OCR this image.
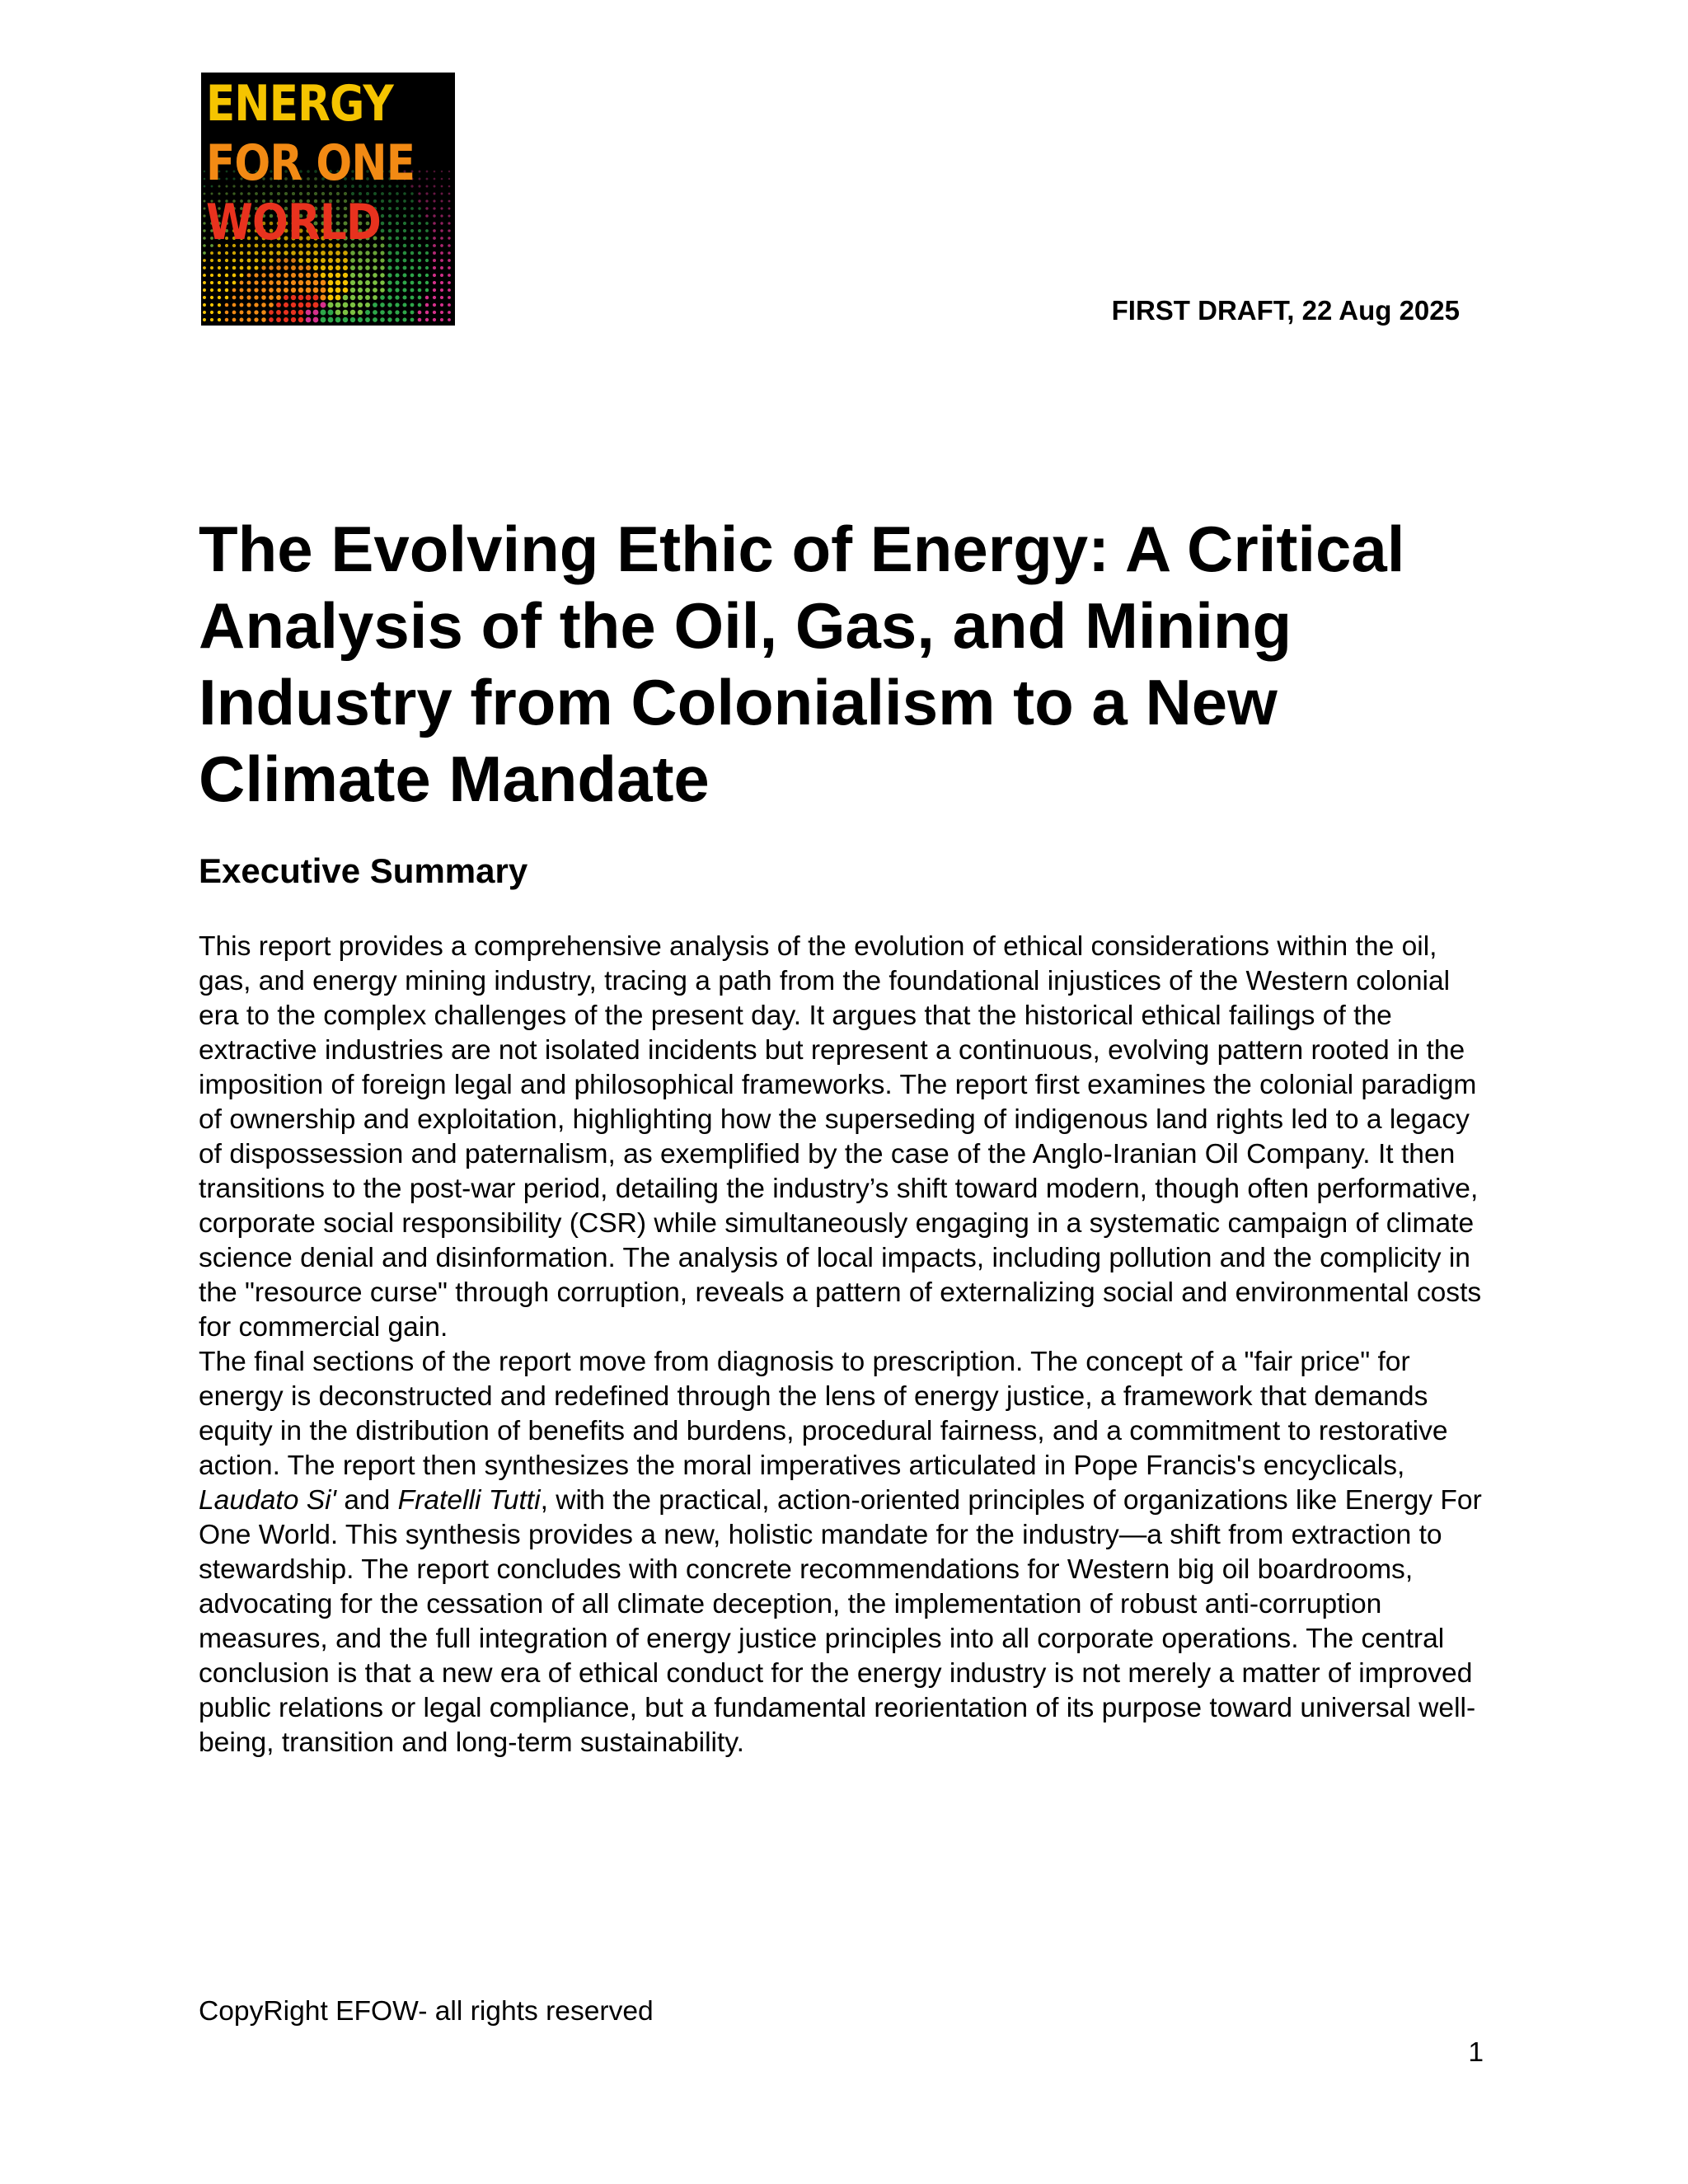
ENERGY
FOR ONE
WORLD
FIRST DRAFT, 22 Aug 2025
The Evolving Ethic of Energy: A Critical Analysis of the Oil, Gas, and Mining Industry from Colonialism to a New Climate Mandate
Executive Summary

This report provides a comprehensive analysis of the evolution of ethical considerations within the oil, gas, and energy mining industry, tracing a path from the foundational injustices of the Western colonial era to the complex challenges of the present day. It argues that the historical ethical failings of the extractive industries are not isolated incidents but represent a continuous, evolving pattern rooted in the imposition of foreign legal and philosophical frameworks. The report first examines the colonial paradigm of ownership and exploitation, highlighting how the superseding of indigenous land rights led to a legacy of dispossession and paternalism, as exemplified by the case of the Anglo-Iranian Oil Company. It then transitions to the post-war period, detailing the industry’s shift toward modern, though often performative, corporate social responsibility (CSR) while simultaneously engaging in a systematic campaign of climate science denial and disinformation. The analysis of local impacts, including pollution and the complicity in the "resource curse" through corruption, reveals a pattern of externalizing social and environmental costs for commercial gain.

The final sections of the report move from diagnosis to prescription. The concept of a "fair price" for energy is deconstructed and redefined through the lens of energy justice, a framework that demands equity in the distribution of benefits and burdens, procedural fairness, and a commitment to restorative action. The report then synthesizes the moral imperatives articulated in Pope Francis's encyclicals, Laudato Si' and Fratelli Tutti, with the practical, action-oriented principles of organizations like Energy For One World. This synthesis provides a new, holistic mandate for the industry—a shift from extraction to stewardship. The report concludes with concrete recommendations for Western big oil boardrooms, advocating for the cessation of all climate deception, the implementation of robust anti-corruption measures, and the full integration of energy justice principles into all corporate operations. The central conclusion is that a new era of ethical conduct for the energy industry is not merely a matter of improved public relations or legal compliance, but a fundamental reorientation of its purpose toward universal well-being, transition and long-term sustainability.

CopyRight EFOW- all rights reserved
1
